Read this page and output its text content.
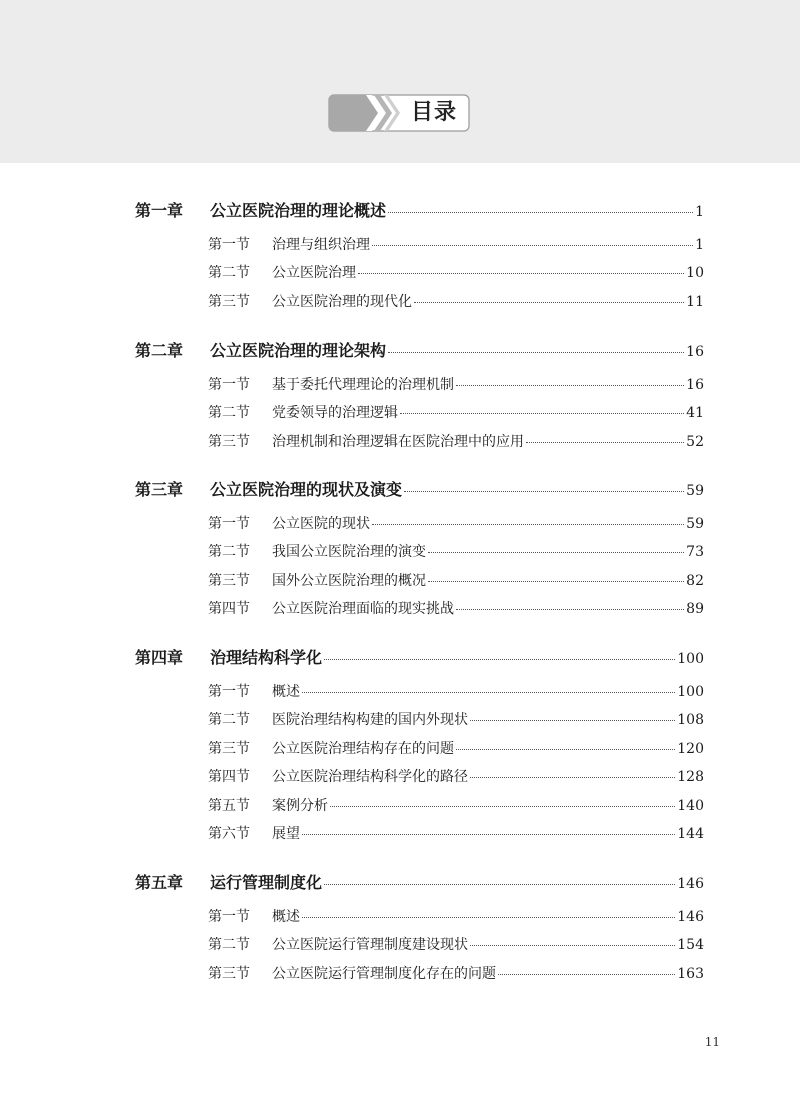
目录
第一章	公立医院治理的理论概述	1
第一节	治理与组织治理	1
第二节	公立医院治理	10
第三节	公立医院治理的现代化	11
第二章	公立医院治理的理论架构	16
第一节	基于委托代理理论的治理机制	16
第二节	党委领导的治理逻辑	41
第三节	治理机制和治理逻辑在医院治理中的应用	52
第三章	公立医院治理的现状及演变	59
第一节	公立医院的现状	59
第二节	我国公立医院治理的演变	73
第三节	国外公立医院治理的概况	82
第四节	公立医院治理面临的现实挑战	89
第四章	治理结构科学化	100
第一节	概述	100
第二节	医院治理结构构建的国内外现状	108
第三节	公立医院治理结构存在的问题	120
第四节	公立医院治理结构科学化的路径	128
第五节	案例分析	140
第六节	展望	144
第五章	运行管理制度化	146
第一节	概述	146
第二节	公立医院运行管理制度建设现状	154
第三节	公立医院运行管理制度化存在的问题	163
11
